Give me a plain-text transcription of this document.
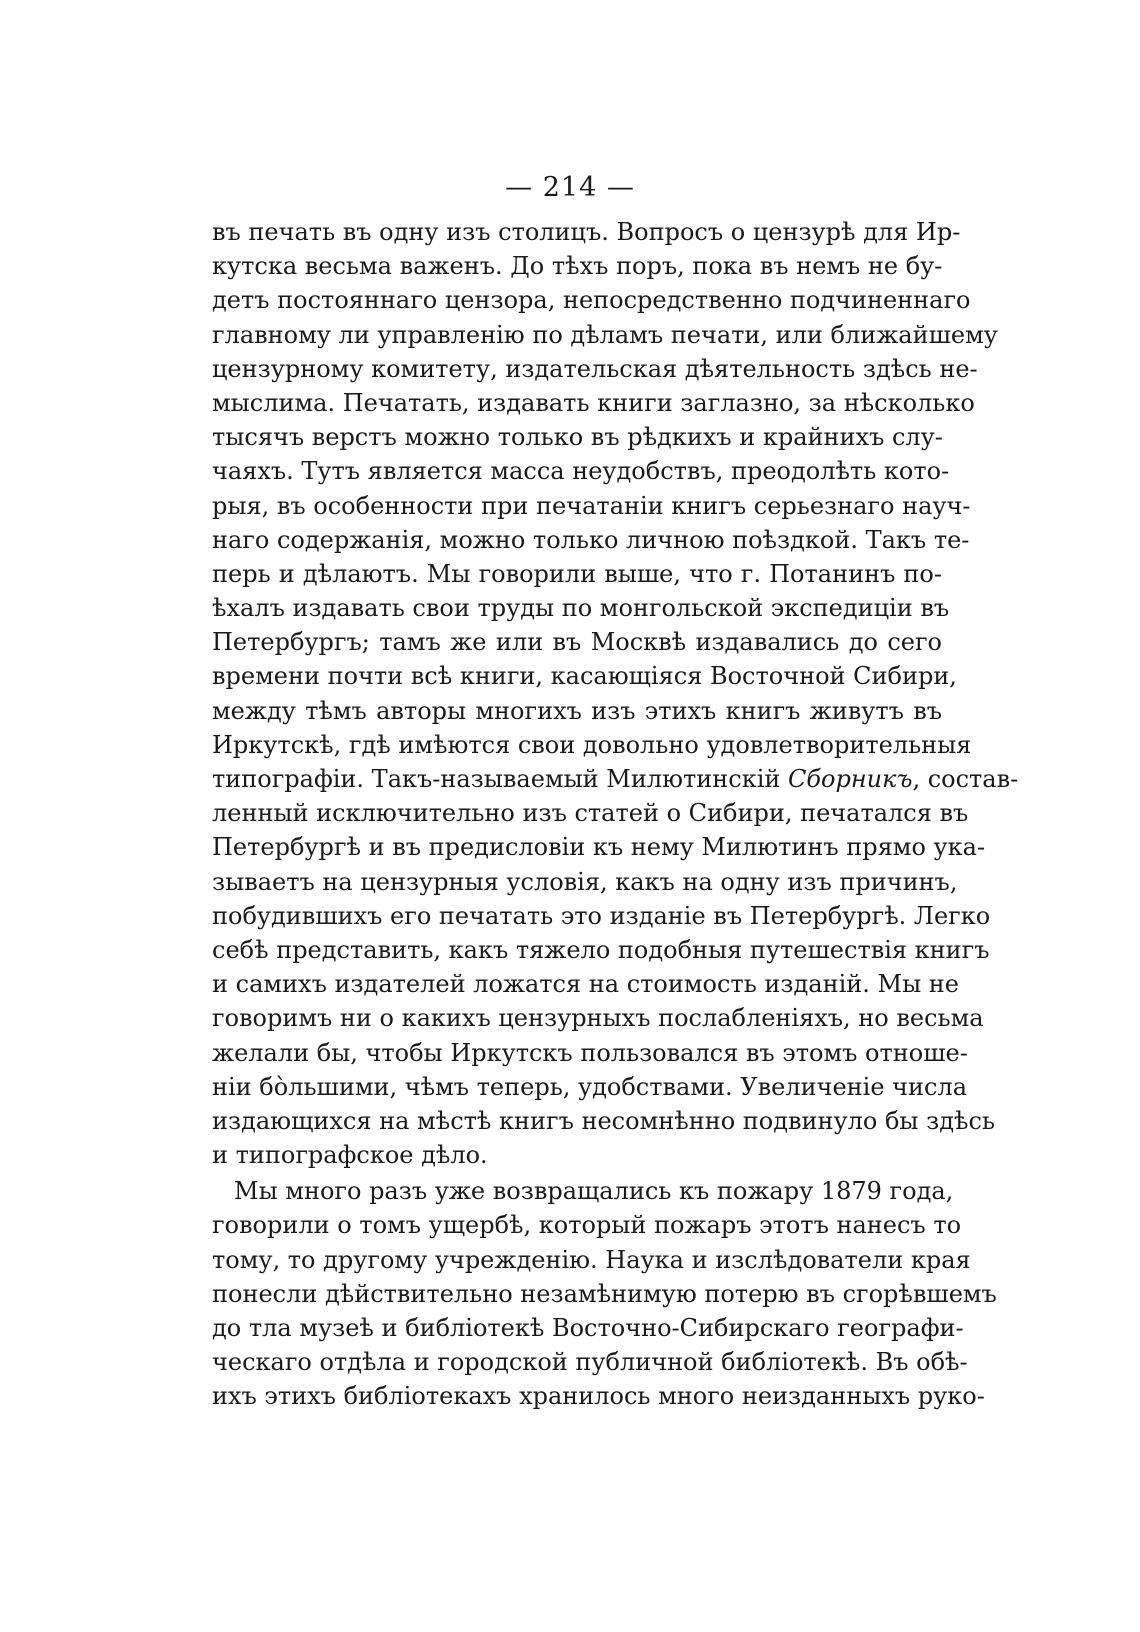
— 214 —
въ печать въ одну изъ столицъ. Вопросъ о цензурѣ для Ир-
кутска весьма важенъ. До тѣхъ поръ, пока въ немъ не бу-
детъ постояннаго цензора, непосредственно подчиненнаго
главному ли управленію по дѣламъ печати, или ближайшему
цензурному комитету, издательская дѣятельность здѣсь не-
мыслима. Печатать, издавать книги заглазно, за нѣсколько
тысячъ верстъ можно только въ рѣдкихъ и крайнихъ слу-
чаяхъ. Тутъ является масса неудобствъ, преодолѣть кото-
рыя, въ особенности при печатаніи книгъ серьезнаго науч-
наго содержанія, можно только личною поѣздкой. Такъ те-
перь и дѣлаютъ. Мы говорили выше, что г. Потанинъ по-
ѣхалъ издавать свои труды по монгольской экспедиціи въ
Петербургъ; тамъ же или въ Москвѣ издавались до сего
времени почти всѣ книги, касающіяся Восточной Сибири,
между тѣмъ авторы многихъ изъ этихъ книгъ живутъ въ
Иркутскѣ, гдѣ имѣются свои довольно удовлетворительныя
типографіи. Такъ-называемый Милютинскій Сборникъ, состав-
ленный исключительно изъ статей о Сибири, печатался въ
Петербургѣ и въ предисловіи къ нему Милютинъ прямо ука-
зываетъ на цензурныя условія, какъ на одну изъ причинъ,
побудившихъ его печатать это изданіе въ Петербургѣ. Легко
себѣ представить, какъ тяжело подобныя путешествія книгъ
и самихъ издателей ложатся на стоимость изданій. Мы не
говоримъ ни о какихъ цензурныхъ послабленіяхъ, но весьма
желали бы, чтобы Иркутскъ пользовался въ этомъ отноше-
ніи бòльшими, чѣмъ теперь, удобствами. Увеличеніе числа
издающихся на мѣстѣ книгъ несомнѣнно подвинуло бы здѣсь
и типографское дѣло.
Мы много разъ уже возвращались къ пожару 1879 года,
говорили о томъ ущербѣ, который пожаръ этотъ нанесъ то
тому, то другому учрежденію. Наука и изслѣдователи края
понесли дѣйствительно незамѣнимую потерю въ сгорѣвшемъ
до тла музеѣ и библіотекѣ Восточно-Сибирскаго географи-
ческаго отдѣла и городской публичной библіотекѣ. Въ обѣ-
ихъ этихъ библіотекахъ хранилось много неизданныхъ руко-
